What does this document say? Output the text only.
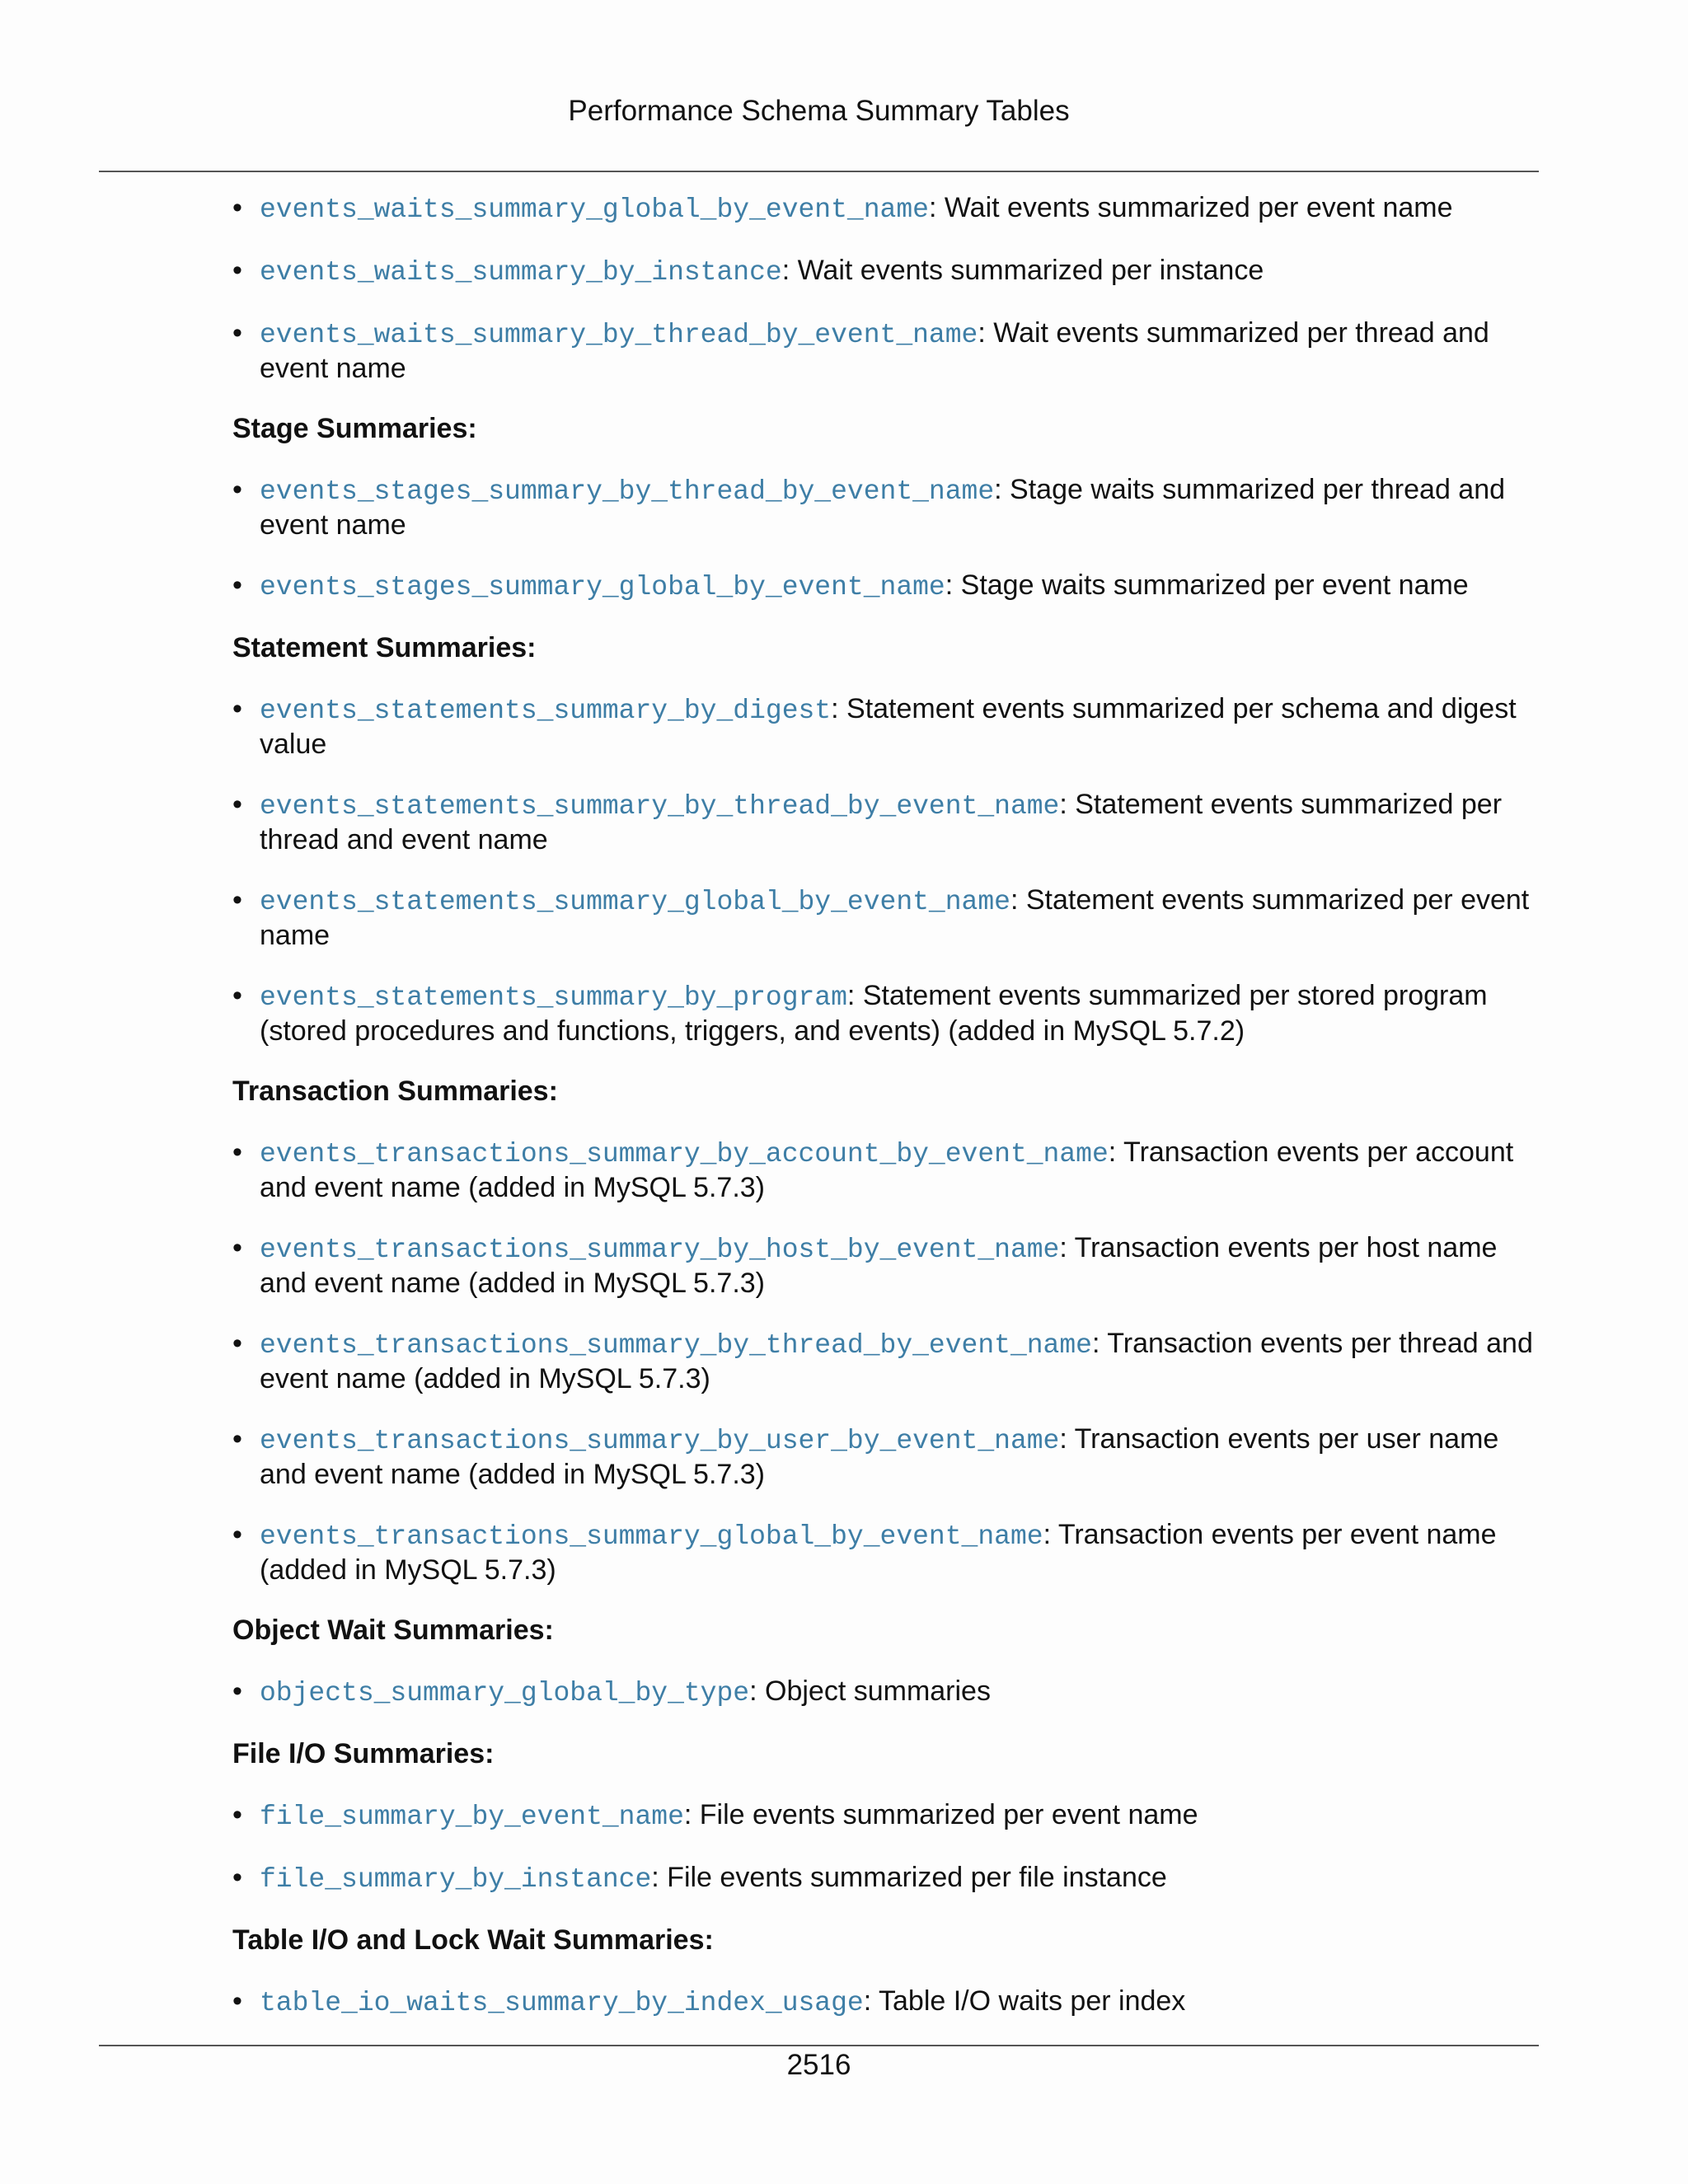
Performance Schema Summary Tables
• events_waits_summary_global_by_event_name: Wait events summarized per event name
• events_waits_summary_by_instance: Wait events summarized per instance
• events_waits_summary_by_thread_by_event_name: Wait events summarized per thread and event name
Stage Summaries:
• events_stages_summary_by_thread_by_event_name: Stage waits summarized per thread and event name
• events_stages_summary_global_by_event_name: Stage waits summarized per event name
Statement Summaries:
• events_statements_summary_by_digest: Statement events summarized per schema and digest value
• events_statements_summary_by_thread_by_event_name: Statement events summarized per thread and event name
• events_statements_summary_global_by_event_name: Statement events summarized per event name
• events_statements_summary_by_program: Statement events summarized per stored program (stored procedures and functions, triggers, and events) (added in MySQL 5.7.2)
Transaction Summaries:
• events_transactions_summary_by_account_by_event_name: Transaction events per account and event name (added in MySQL 5.7.3)
• events_transactions_summary_by_host_by_event_name: Transaction events per host name and event name (added in MySQL 5.7.3)
• events_transactions_summary_by_thread_by_event_name: Transaction events per thread and event name (added in MySQL 5.7.3)
• events_transactions_summary_by_user_by_event_name: Transaction events per user name and event name (added in MySQL 5.7.3)
• events_transactions_summary_global_by_event_name: Transaction events per event name (added in MySQL 5.7.3)
Object Wait Summaries:
• objects_summary_global_by_type: Object summaries
File I/O Summaries:
• file_summary_by_event_name: File events summarized per event name
• file_summary_by_instance: File events summarized per file instance
Table I/O and Lock Wait Summaries:
• table_io_waits_summary_by_index_usage: Table I/O waits per index
2516
